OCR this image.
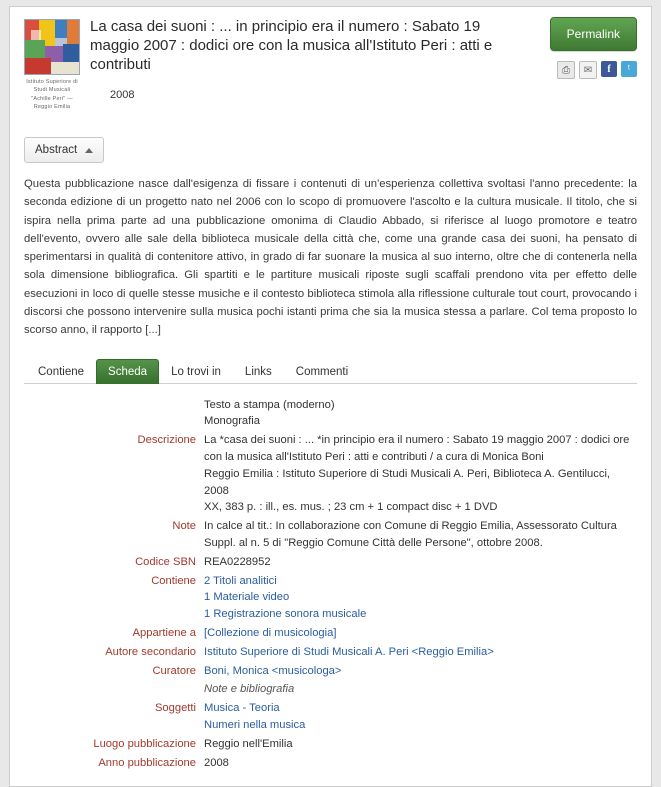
Istituto Superiore di Studi Musicali "Achille Peri" — Reggio Emilia
La casa dei suoni : ... in principio era il numero : Sabato 19 maggio 2007 : dodici ore con la musica all'Istituto Peri : atti e contributi
2008
Permalink
⎙	✉	f	ᵗ
Abstract
Questa pubblicazione nasce dall'esigenza di fissare i contenuti di un'esperienza collettiva svoltasi l'anno precedente: la seconda edizione di un progetto nato nel 2006 con lo scopo di promuovere l'ascolto e la cultura musicale. Il titolo, che si ispira nella prima parte ad una pubblicazione omonima di Claudio Abbado, si riferisce al luogo promotore e teatro dell'evento, ovvero alle sale della biblioteca musicale della città che, come una grande casa dei suoni, ha pensato di sperimentarsi in qualità di contenitore attivo, in grado di far suonare la musica al suo interno, oltre che di contenerla nella sola dimensione bibliografica. Gli spartiti e le partiture musicali riposte sugli scaffali prendono vita per effetto delle esecuzioni in loco di quelle stesse musiche e il contesto biblioteca stimola alla riflessione culturale tout court, provocando i discorsi che possono intervenire sulla musica pochi istanti prima che sia la musica stessa a parlare. Col tema proposto lo scorso anno, il rapporto [...]
Contiene	Scheda	Lo trovi in	Links	Commenti

	Testo a stampa (moderno)
Monografia

Descrizione	La *casa dei suoni : ... *in principio era il numero : Sabato 19 maggio 2007 : dodici ore con la musica all'Istituto Peri : atti e contributi / a cura di Monica Boni
Reggio Emilia : Istituto Superiore di Studi Musicali A. Peri, Biblioteca A. Gentilucci, 2008
XX, 383 p. : ill., es. mus. ; 23 cm + 1 compact disc + 1 DVD

Note	In calce al tit.: In collaborazione con Comune di Reggio Emilia, Assessorato Cultura
Suppl. al n. 5 di "Reggio Comune Città delle Persone", ottobre 2008.

Codice SBN	REA0228952

Contiene	2 Titoli analitici
1 Materiale video
1 Registrazione sonora musicale

Appartiene a	[Collezione di musicologia]

Autore secondario	Istituto Superiore di Studi Musicali A. Peri <Reggio Emilia>

Curatore	Boni, Monica <musicologa>

	Note e bibliografia

Soggetti	Musica - Teoria
Numeri nella musica

Luogo pubblicazione	Reggio nell'Emilia

Anno pubblicazione	2008
